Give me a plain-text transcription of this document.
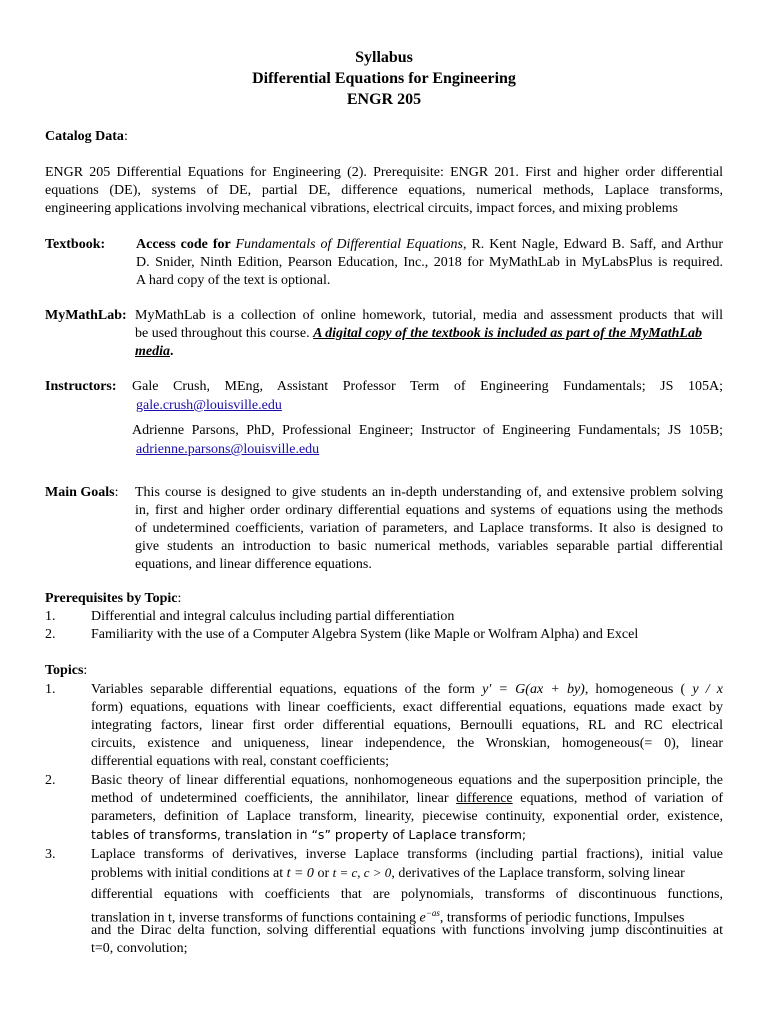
Syllabus
Differential Equations for Engineering
ENGR 205
Catalog Data:
ENGR 205 Differential Equations for Engineering (2). Prerequisite: ENGR 201. First and higher order differential
equations (DE), systems of DE, partial DE, difference equations, numerical methods, Laplace transforms,
engineering applications involving mechanical vibrations, electrical circuits, impact forces, and mixing problems
Textbook: Access code for Fundamentals of Differential Equations, R. Kent Nagle, Edward B. Saff, and Arthur
D. Snider, Ninth Edition, Pearson Education, Inc., 2018 for MyMathLab in MyLabsPlus is required.
A hard copy of the text is optional.
MyMathLab: MyMathLab is a collection of online homework, tutorial, media and assessment products that will
be used throughout this course. A digital copy of the textbook is included as part of the MyMathLab
media.
Instructors: Gale Crush, MEng, Assistant Professor Term of Engineering Fundamentals; JS 105A;
gale.crush@louisville.edu
Adrienne Parsons, PhD, Professional Engineer; Instructor of Engineering Fundamentals; JS 105B;
adrienne.parsons@louisville.edu
Main Goals: This course is designed to give students an in-depth understanding of, and extensive problem solving
in, first and higher order ordinary differential equations and systems of equations using the methods
of undetermined coefficients, variation of parameters, and Laplace transforms. It also is designed to
give students an introduction to basic numerical methods, variables separable partial differential
equations, and linear difference equations.
Prerequisites by Topic:
1.	Differential and integral calculus including partial differentiation
2.	Familiarity with the use of a Computer Algebra System (like Maple or Wolfram Alpha) and Excel
Topics:
1.	Variables separable differential equations, equations of the form y′ = G(ax + by), homogeneous ( y / x
form) equations, equations with linear coefficients, exact differential equations, equations made exact by
integrating factors, linear first order differential equations, Bernoulli equations, RL and RC electrical
circuits, existence and uniqueness, linear independence, the Wronskian, homogeneous(= 0), linear
differential equations with real, constant coefficients;
2.	Basic theory of linear differential equations, nonhomogeneous equations and the superposition principle, the
method of undetermined coefficients, the annihilator, linear difference equations, method of variation of
parameters, definition of Laplace transform, linearity, piecewise continuity, exponential order, existence,
tables of transforms, translation in “s” property of Laplace transform;
3.	Laplace transforms of derivatives, inverse Laplace transforms (including partial fractions), initial value
problems with initial conditions at t = 0 or t = c, c > 0, derivatives of the Laplace transform, solving linear
differential equations with coefficients that are polynomials, transforms of discontinuous functions,
translation in t, inverse transforms of functions containing $e^{-as}$, transforms of periodic functions, Impulses
and the Dirac delta function, solving differential equations with functions involving jump discontinuities at
t=0, convolution;
